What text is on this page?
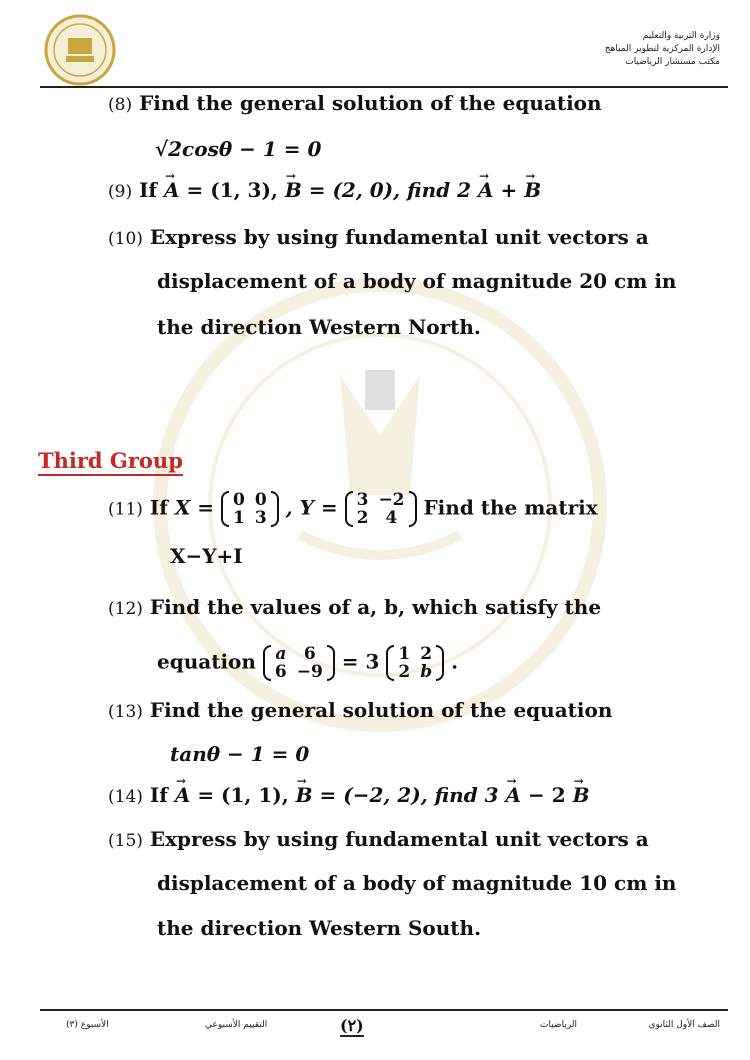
وزارة التربية والتعليم
الإدارة المركزية لتطوير المناهج
مكتب مستشار الرياضيات
(8) Find the general solution of the equation
√2cosθ − 1 = 0
(9) If A → = (1, 3), B → = (2, 0), find 2 A → + B →
(10) Express by using fundamental unit vectors a
displacement of a body of magnitude 20 cm in
the direction Western North.
Third Group
(11) If X = 0	0
1	3 , Y = 3	−2
2	4 Find the matrix
X−Y+I
(12) Find the values of a, b, which satisfy the
equation a	6
6	−9 = 3 1	2
2	b .
(13) Find the general solution of the equation
tanθ − 1 = 0
(14) If A → = (1, 1), B → = (−2, 2), find 3 A → − 2 B →
(15) Express by using fundamental unit vectors a
displacement of a body of magnitude 10 cm in
the direction Western South.
الصف الأول الثانوي
الرياضيات
(٢)
التقييم الأسبوعي
الأسبوع (٣)
